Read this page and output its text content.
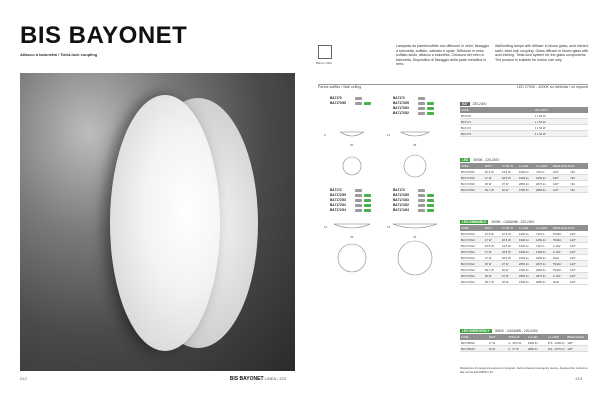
BIS BAYONET
Attacco a baionetta / Twist-lock coupling
212	BIS BAYONET LINEA / 223
Bianco Matt

Lampada da parete/soffitto con diffusore in vetro, fissaggio a baionetta, soffiato, satinato e opale. Diffusore in vetro soffiato acido, attacco a baionetta. Chiusura del vetro a baionetta. Dispositivo di fissaggio della parte metallica in nero.

Wall/ceiling lamps with diffuser in blown glass, acid etched, satin, twist lock coupling. Glass diffuser in blown glass with acid etching. Twist-lock system for the glass components. The product is suitable for indoor use only.

Parete soffitto / Wall ceiling	LED 2700K - 4000K su richiesta / on request
BA7170
BA7170G5
9
20
BA7173
BA7173G5
BA7173G3
BA7173G2
11
28
BA7172
BA7172G5
BA7172G3
BA7172G2
BA7172G4
12
35
BA7174
BA7174G5
BA7174G3
BA7174G2
BA7174G4
15
43
E27	230-240V
CODE	MAX WATT
BA7170	1 x 52 W
BA7171	1 x 52 W
BA7172	2 x 52 W
BA7173	3 x 52 W
LED	3000K - 220-240V
CODE	WATT	TOTAL W	Lm LED	Lm LAMP	BEAM ANGLE CRI
BA7170G5	10,5 W	13,5 W	1100 lm	710 lm	120°	>90
BA7173G5	17 W	18,5 W	1900 lm	1250 lm	120°	>90
BA7172G5	25 W	27 W	2650 lm	2070 lm	120°	>90
BA7174G5	36,7 W	40 W	3700 lm	2650 lm	120°	>90
LED DIMMABLE	3000K - CASAMBI - 220-240V
CODE	WATT	TOTAL W	Lm LED	Lm LAMP	BEAM ANGLE CRI
BA7170G3	10,5 W	12,5 W	1100 lm	710 lm	TRIAC	120°
BA7173G3	17 W	18,5 W	1900 lm	1250 lm	TRIAC	120°
BA7172G3	10,5 W	13,5 W	1100 lm	710 lm	1-10V	120°
BA7173G2	17 W	18,5 W	1900 lm	1250 lm	1-10V	120°
BA7172G3	17 W	18,5 W	1900 lm	1250 lm	DALI	120°
BA7172G2	25 W	27 W	2650 lm	2070 lm	TRIAC	120°
BA7174G3	36,7 W	40 W	3700 lm	2650 lm	TRIAC	120°
BA7174G2	25 W	27 W	2650 lm	2070 lm	1-10V	120°
BA7174G4	36,7 W	40 W	3700 lm	2650 lm	DALI	120°
LED EMERGENCY	3000K - CASAMBI - 220-240V
CODE	WATT	TOTAL W	Lm LED	Lm LAMP	BEAM ANGLE
BA7156G5	17 W	3 - 18,5 W	1900 lm	470 - 1250 lm 120°
BA7159G5	25 W	3 - 27 W	2650 lm	210 - 2070 lm 120°
Dispositivo d'emergenza autonomo integrato. Self-contained emergency device. Apparecchio conforme alla norma EN 60598-2-22.
213
